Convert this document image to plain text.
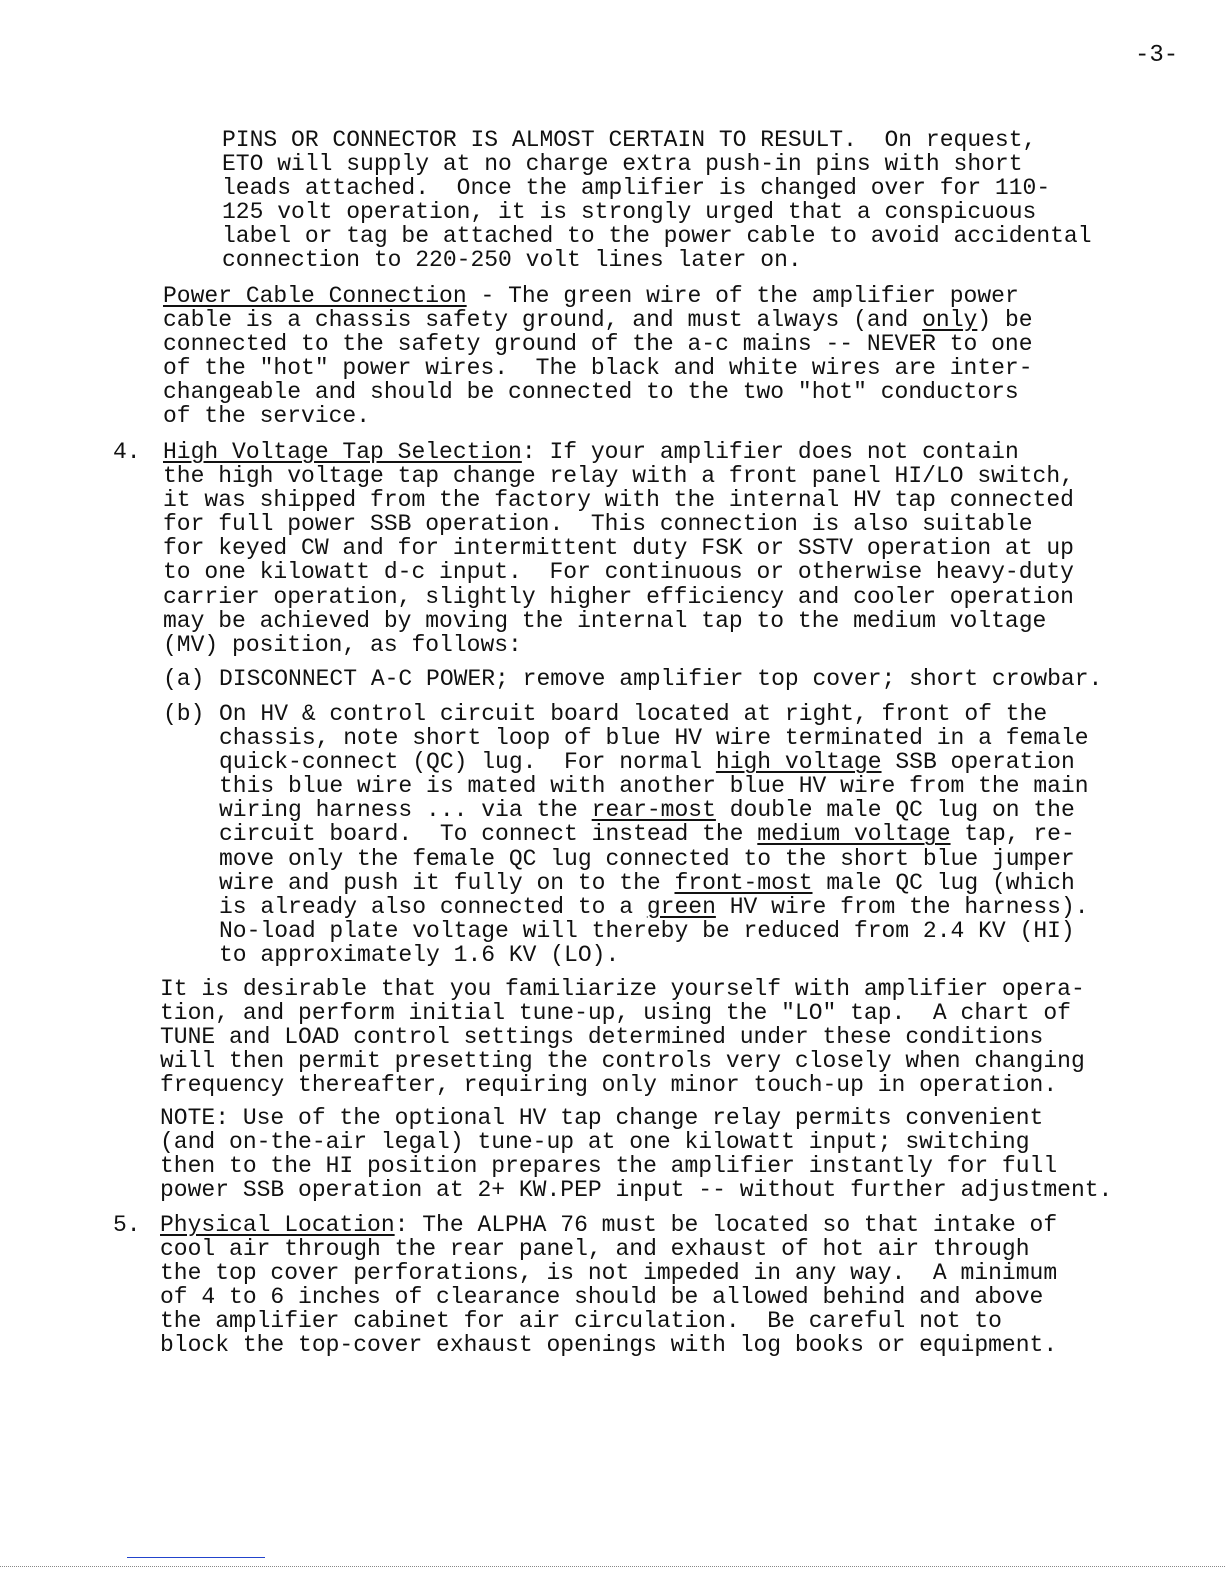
-3-
PINS OR CONNECTOR IS ALMOST CERTAIN TO RESULT.  On request,
ETO will supply at no charge extra push-in pins with short
leads attached.  Once the amplifier is changed over for 110-
125 volt operation, it is strongly urged that a conspicuous
label or tag be attached to the power cable to avoid accidental
connection to 220-250 volt lines later on.
Power Cable Connection - The green wire of the amplifier power
cable is a chassis safety ground, and must always (and only) be
connected to the safety ground of the a-c mains -- NEVER to one
of the "hot" power wires.  The black and white wires are inter-
changeable and should be connected to the two "hot" conductors
of the service.
4. High Voltage Tap Selection: If your amplifier does not contain
the high voltage tap change relay with a front panel HI/LO switch,
it was shipped from the factory with the internal HV tap connected
for full power SSB operation.  This connection is also suitable
for keyed CW and for intermittent duty FSK or SSTV operation at up
to one kilowatt d-c input.  For continuous or otherwise heavy-duty
carrier operation, slightly higher efficiency and cooler operation
may be achieved by moving the internal tap to the medium voltage
(MV) position, as follows:
(a) DISCONNECT A-C POWER; remove amplifier top cover; short crowbar.
(b) On HV & control circuit board located at right, front of the
chassis, note short loop of blue HV wire terminated in a female
quick-connect (QC) lug.  For normal high voltage SSB operation
this blue wire is mated with another blue HV wire from the main
wiring harness ... via the rear-most double male QC lug on the
circuit board.  To connect instead the medium voltage tap, re-
move only the female QC lug connected to the short blue jumper
wire and push it fully on to the front-most male QC lug (which
is already also connected to a green HV wire from the harness).
No-load plate voltage will thereby be reduced from 2.4 KV (HI)
to approximately 1.6 KV (LO).
It is desirable that you familiarize yourself with amplifier opera-
tion, and perform initial tune-up, using the "LO" tap.  A chart of
TUNE and LOAD control settings determined under these conditions
will then permit presetting the controls very closely when changing
frequency thereafter, requiring only minor touch-up in operation.
NOTE: Use of the optional HV tap change relay permits convenient
(and on-the-air legal) tune-up at one kilowatt input; switching
then to the HI position prepares the amplifier instantly for full
power SSB operation at 2+ KW.PEP input -- without further adjustment.
5. Physical Location: The ALPHA 76 must be located so that intake of
cool air through the rear panel, and exhaust of hot air through
the top cover perforations, is not impeded in any way.  A minimum
of 4 to 6 inches of clearance should be allowed behind and above
the amplifier cabinet for air circulation.  Be careful not to
block the top-cover exhaust openings with log books or equipment.
